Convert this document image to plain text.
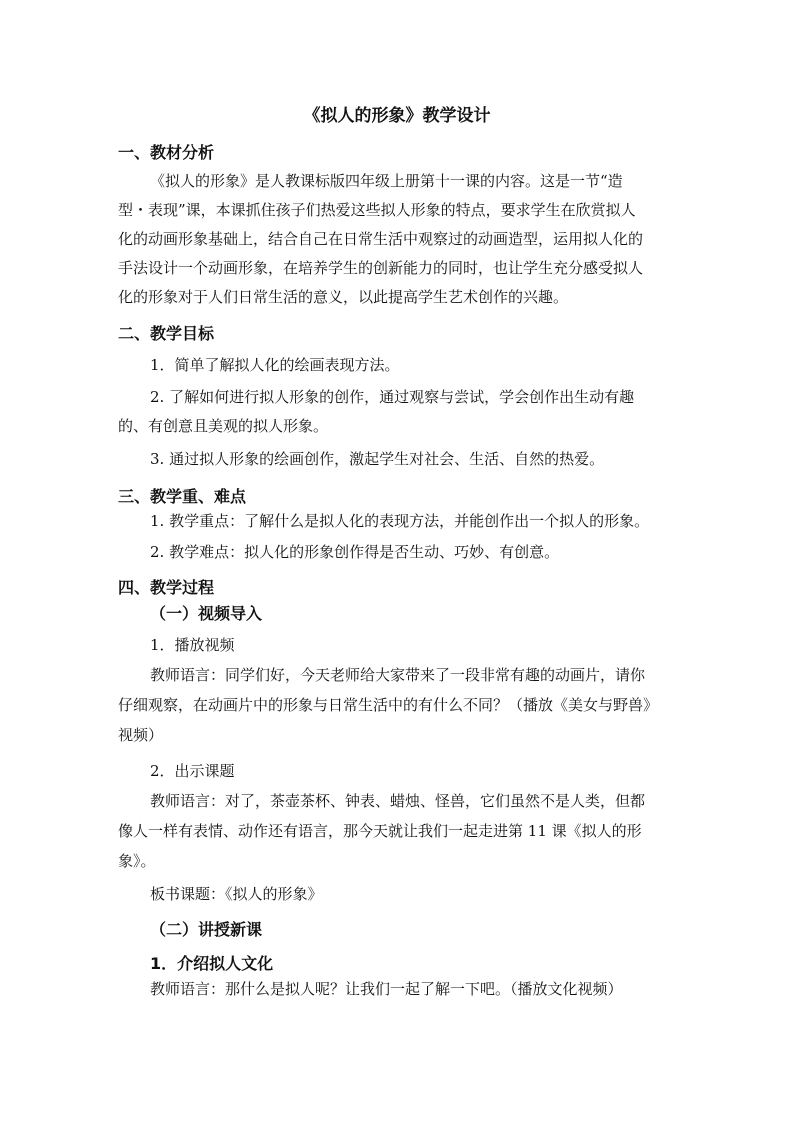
《拟人的形象》教学设计
一、教材分析
《拟人的形象》是人教课标版四年级上册第十一课的内容。这是一节“造
型・表现”课，本课抓住孩子们热爱这些拟人形象的特点，要求学生在欣赏拟人
化的动画形象基础上，结合自己在日常生活中观察过的动画造型，运用拟人化的
手法设计一个动画形象，在培养学生的创新能力的同时，也让学生充分感受拟人
化的形象对于人们日常生活的意义，以此提高学生艺术创作的兴趣。
二、教学目标
1．简单了解拟人化的绘画表现方法。
2. 了解如何进行拟人形象的创作，通过观察与尝试，学会创作出生动有趣
的、有创意且美观的拟人形象。
3. 通过拟人形象的绘画创作，激起学生对社会、生活、自然的热爱。
三、教学重、难点
1. 教学重点：了解什么是拟人化的表现方法，并能创作出一个拟人的形象。
2. 教学难点：拟人化的形象创作得是否生动、巧妙、有创意。
四、教学过程
（一）视频导入
1．播放视频
教师语言：同学们好，今天老师给大家带来了一段非常有趣的动画片，请你
仔细观察，在动画片中的形象与日常生活中的有什么不同？（播放《美女与野兽》
视频）
2．出示课题
教师语言：对了，茶壶茶杯、钟表、蜡烛、怪兽，它们虽然不是人类，但都
像人一样有表情、动作还有语言，那今天就让我们一起走进第 11 课《拟人的形
象》。
板书课题：《拟人的形象》
（二）讲授新课
1．介绍拟人文化
教师语言：那什么是拟人呢？让我们一起了解一下吧。（播放文化视频）
